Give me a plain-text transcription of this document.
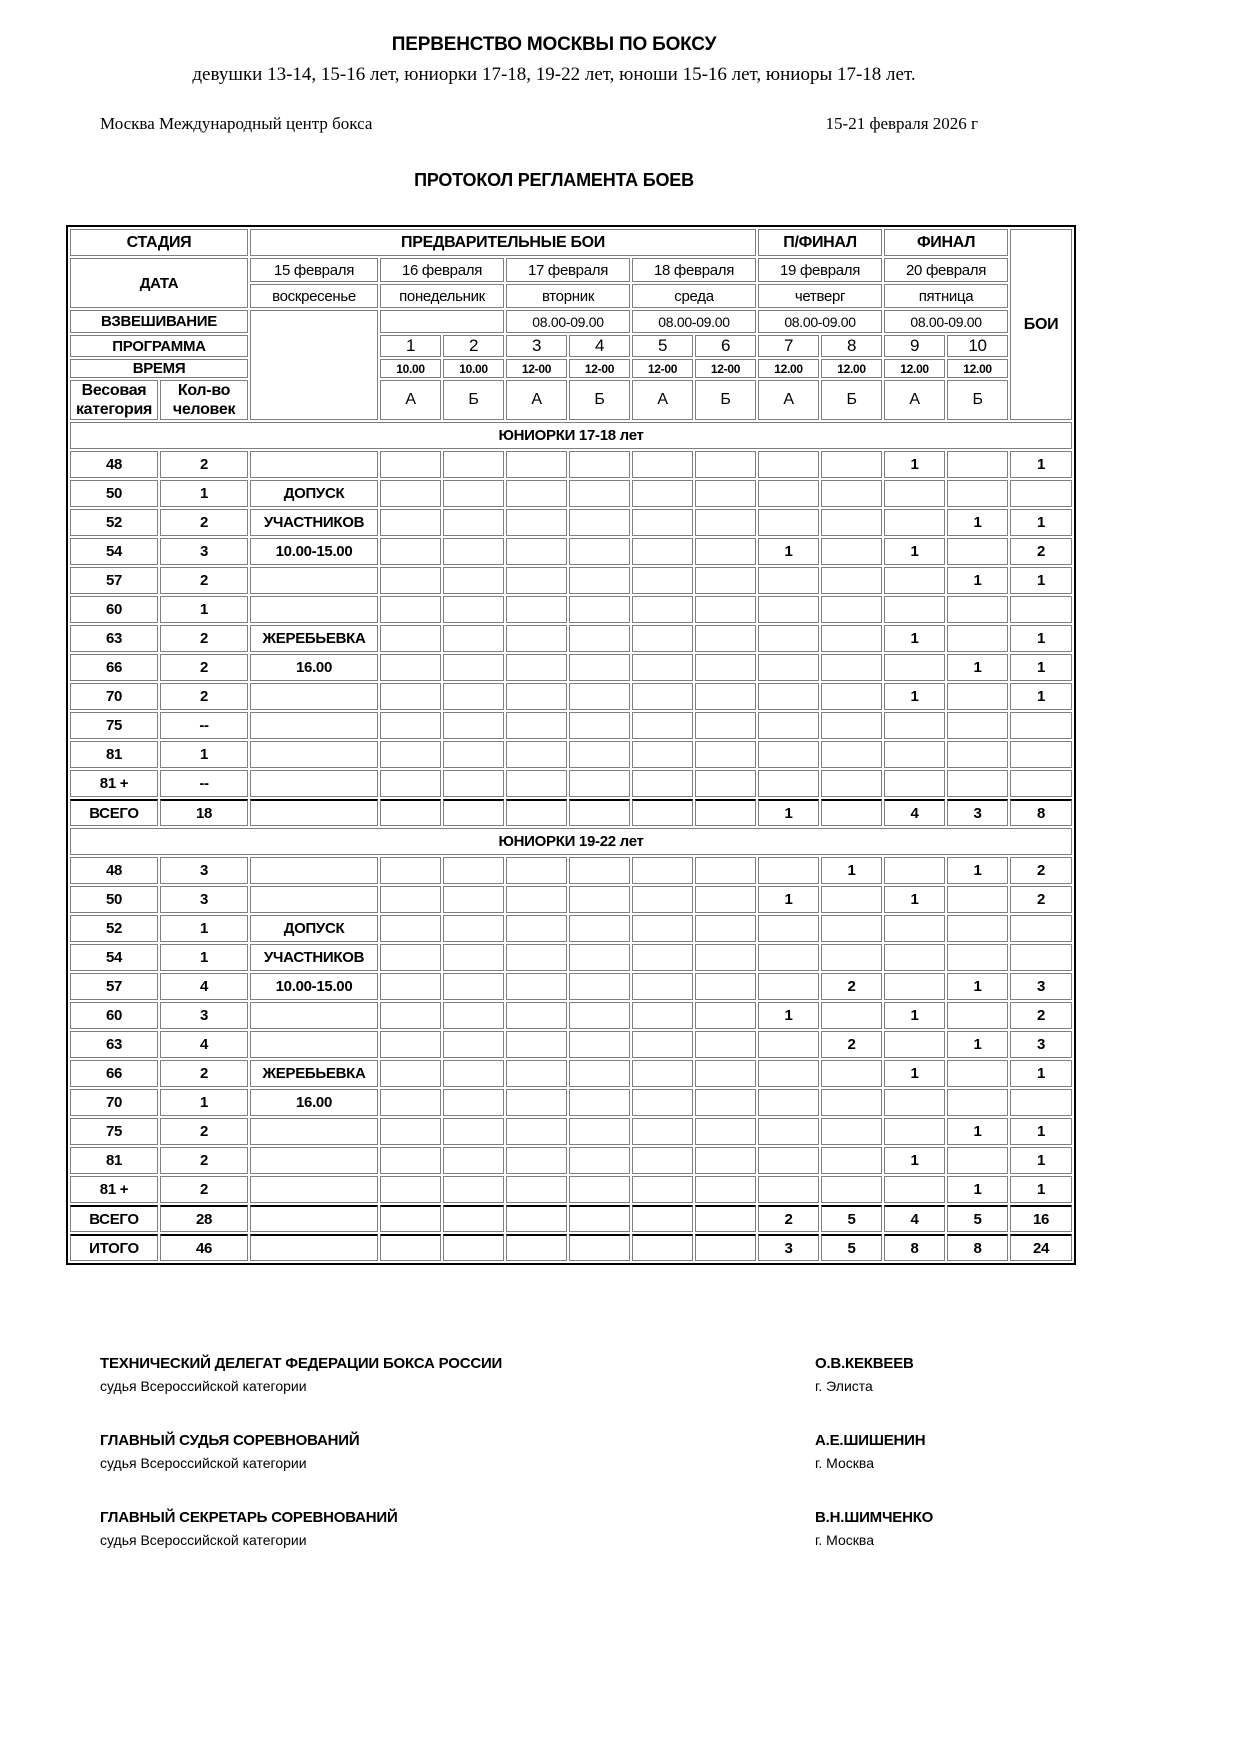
ПЕРВЕНСТВО МОСКВЫ ПО БОКСУ
девушки 13-14, 15-16 лет, юниорки 17-18, 19-22 лет, юноши 15-16 лет, юниоры 17-18 лет.
Москва Международный центр бокса	15-21 февраля 2026 г
ПРОТОКОЛ РЕГЛАМЕНТА БОЕВ
СТАДИЯ		ПРЕДВАРИТЕЛЬНЫЕ БОИ							П/ФИНАЛ		ФИНАЛ		БОИ
ДАТА		15 февраля	16 февраля		17 февраля		18 февраля		19 февраля		20 февраля		
		воскресенье	понедельник		вторник		среда		четверг		пятница		
ВЗВЕШИВАНИЕ					08.00-09.00		08.00-09.00		08.00-09.00		08.00-09.00		
ПРОГРАММА			1	2	3	4	5	6	7	8	9	10	
ВРЕМЯ			10.00	10.00	12-00	12-00	12-00	12-00	12.00	12.00	12.00	12.00	
Весовая категория	Кол-во человек		А	Б	А	Б	А	Б	А	Б	А	Б	
ЮНИОРКИ 17-18 лет													
48	2										1		1
50	1	ДОПУСК											
52	2	УЧАСТНИКОВ										1	1
54	3	10.00-15.00							1		1		2
57	2											1	1
60	1												
63	2	ЖЕРЕБЬЕВКА									1		1
66	2	16.00										1	1
70	2										1		1
75	--												
81	1												
81 +	--												
ВСЕГО	18								1		4	3	8
ЮНИОРКИ 19-22 лет													
48	3									1		1	2
50	3								1		1		2
52	1	ДОПУСК											
54	1	УЧАСТНИКОВ											
57	4	10.00-15.00								2		1	3
60	3								1		1		2
63	4									2		1	3
66	2	ЖЕРЕБЬЕВКА									1		1
70	1	16.00											
75	2											1	1
81	2										1		1
81 +	2											1	1
ВСЕГО	28								2	5	4	5	16
ИТОГО	46								3	5	8	8	24
ТЕХНИЧЕСКИЙ ДЕЛЕГАТ ФЕДЕРАЦИИ БОКСА РОССИИ
судья Всероссийской категории
О.В.КЕКВЕЕВ
г. Элиста
ГЛАВНЫЙ СУДЬЯ СОРЕВНОВАНИЙ
судья Всероссийской категории
А.Е.ШИШЕНИН
г. Москва
ГЛАВНЫЙ СЕКРЕТАРЬ СОРЕВНОВАНИЙ
судья Всероссийской категории
В.Н.ШИМЧЕНКО
г. Москва
